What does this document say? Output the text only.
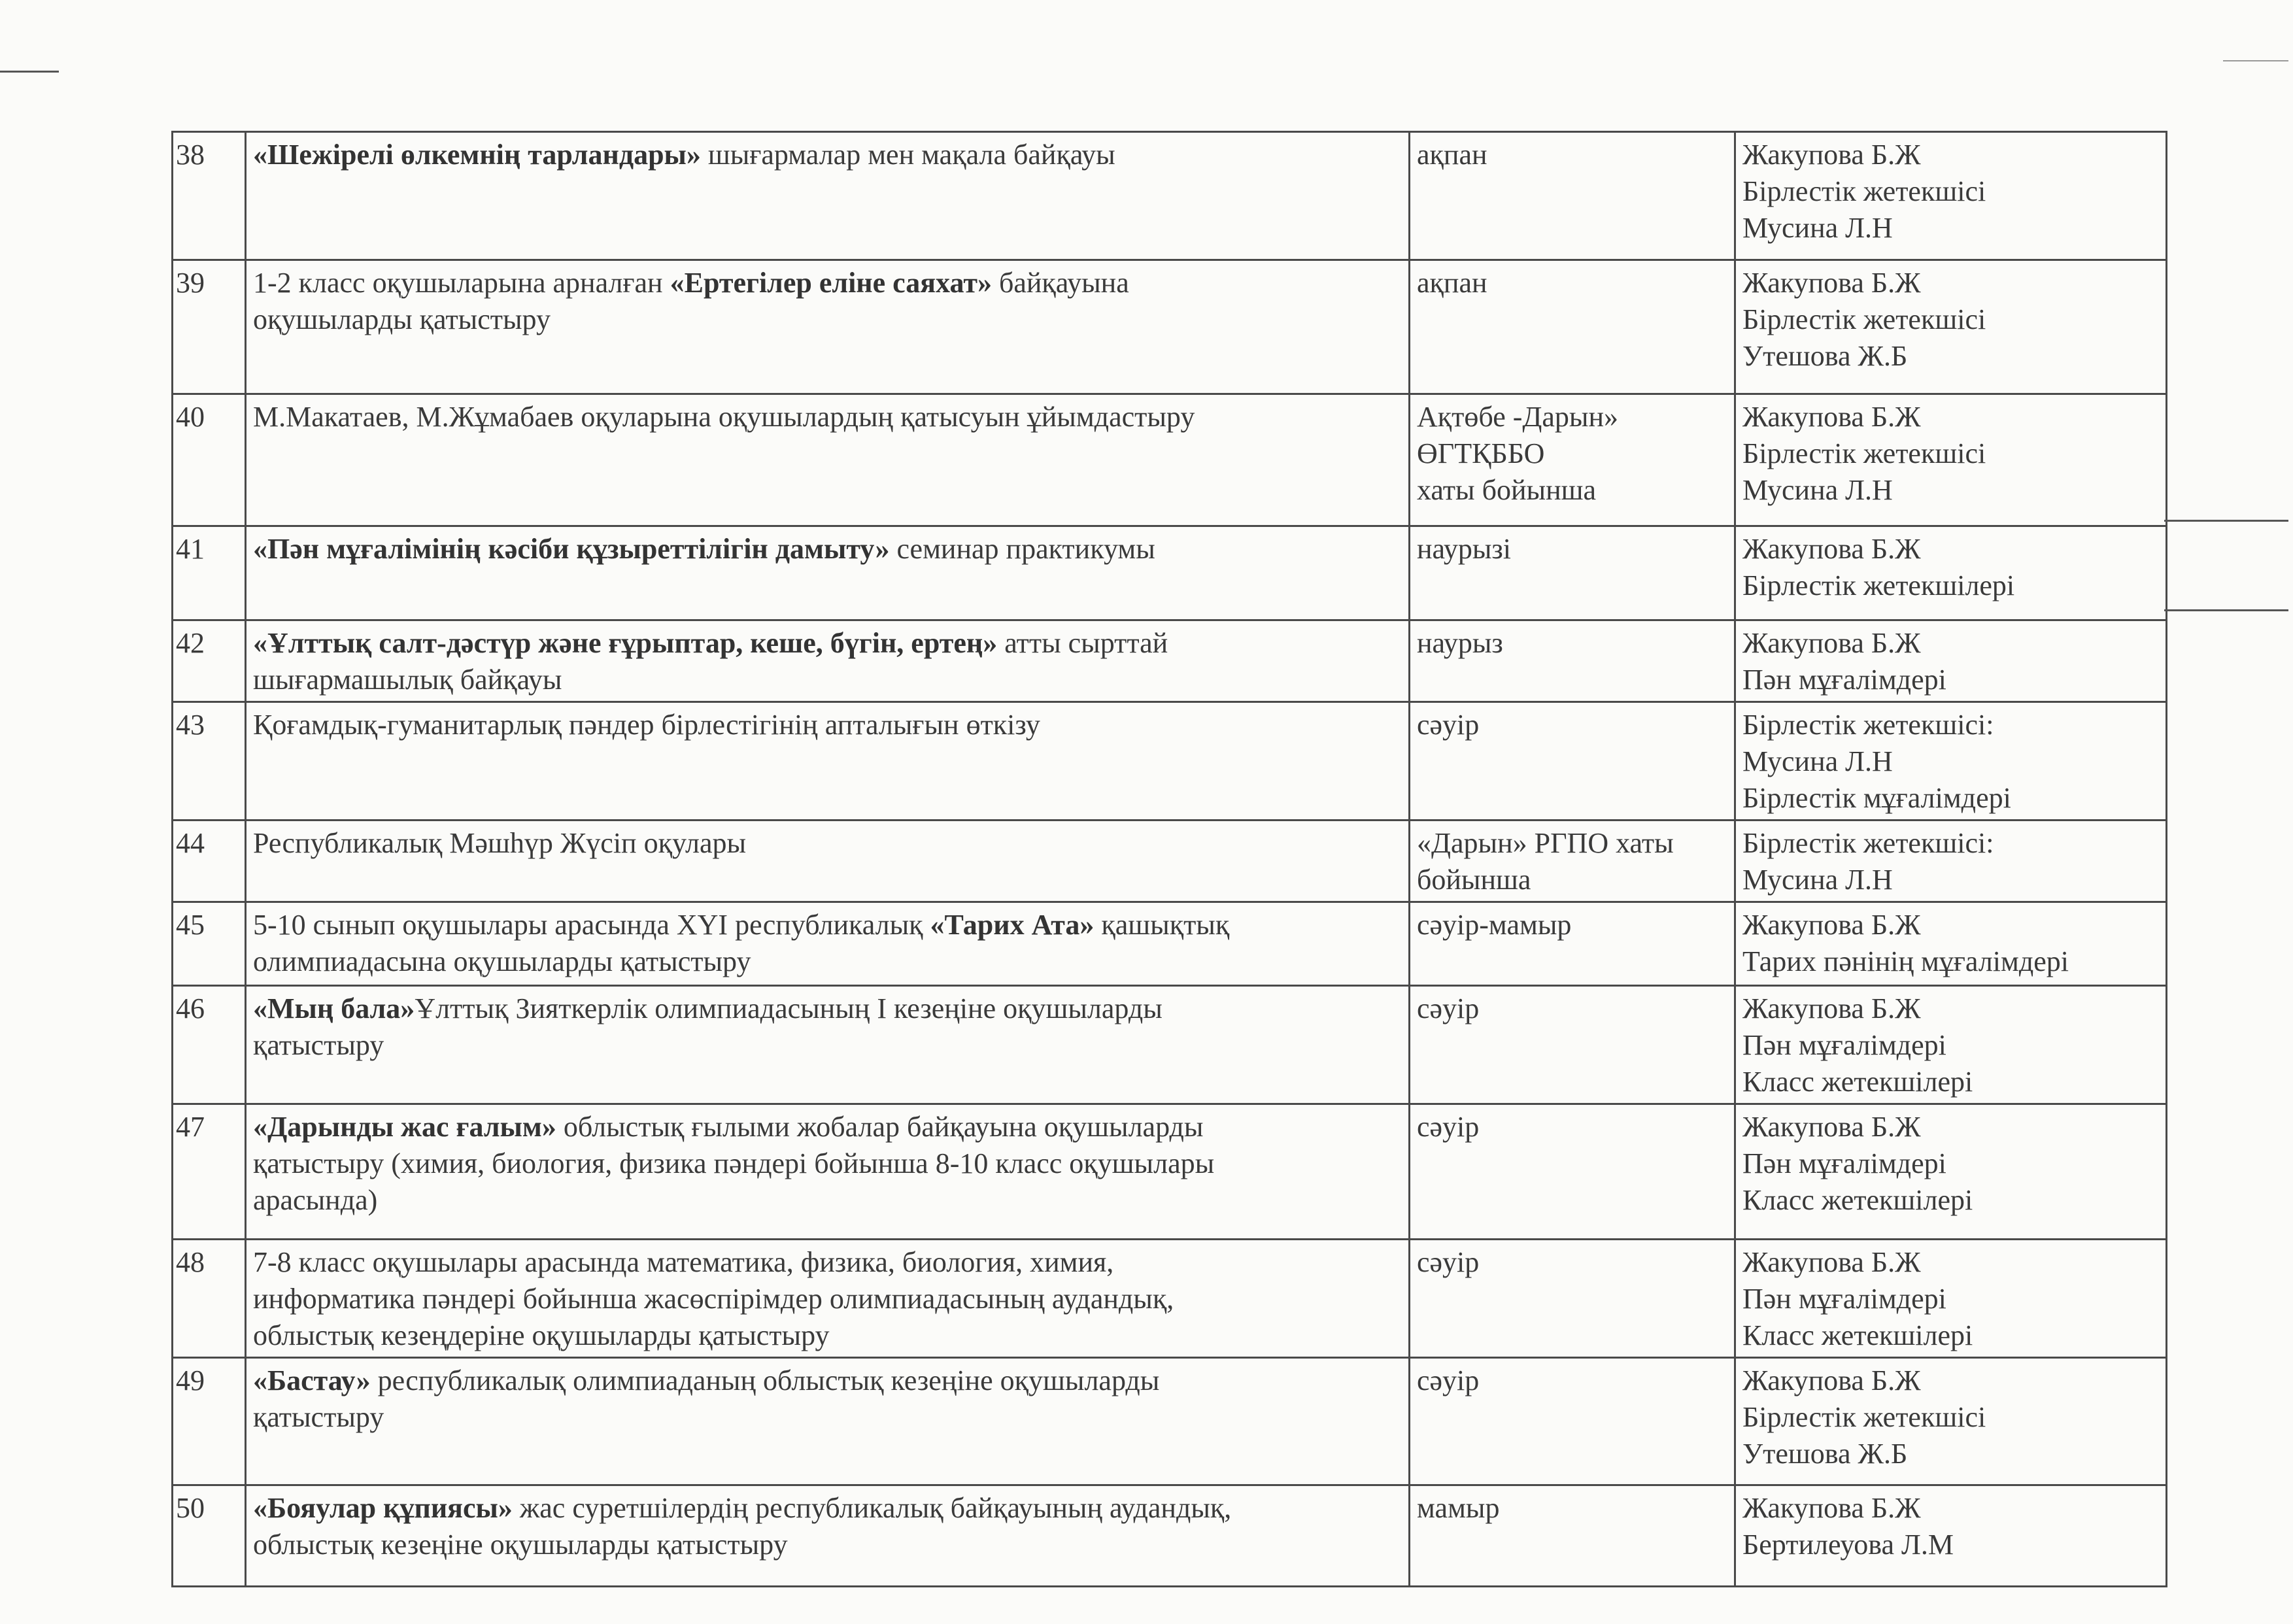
38	«Шежірелі өлкемнің тарландары» шығармалар мен мақала байқауы	ақпан	Жакупова Б.Ж
Бірлестік жетекшісі
Мусина Л.Н

39	1-2 класс оқушыларына арналған «Ертегілер еліне саяхат» байқауына
оқушыларды қатыстыру	ақпан	Жакупова Б.Ж
Бірлестік жетекшісі
Утешова Ж.Б

40	М.Макатаев, М.Жұмабаев оқуларына оқушылардың қатысуын ұйымдастыру	Ақтөбе -Дарын»
ӨГТҚББО
хаты бойынша	Жакупова Б.Ж
Бірлестік жетекшісі
Мусина Л.Н

41	«Пән мұғалімінің кәсіби құзыреттілігін дамыту» семинар практикумы	наурызі	Жакупова Б.Ж
Бірлестік жетекшілері

42	«Ұлттық салт-дәстүр және ғұрыптар, кеше, бүгін, ертең» атты сырттай
шығармашылық байқауы	наурыз	Жакупова Б.Ж
Пән мұғалімдері

43	Қоғамдық-гуманитарлық пәндер бірлестігінің апталығын өткізу	сәуір	Бірлестік жетекшісі:
Мусина Л.Н
Бірлестік мұғалімдері

44	Республикалық Мәшһүр Жүсіп оқулары	«Дарын» РГПО хаты
бойынша	Бірлестік жетекшісі:
Мусина Л.Н

45	5-10 сынып оқушылары арасында XYI республикалық «Тарих Ата» қашықтық
олимпиадасына оқушыларды қатыстыру	сәуір-мамыр	Жакупова Б.Ж
Тарих пәнінің мұғалімдері

46	«Мың бала»Ұлттық Зияткерлік олимпиадасының І кезеңіне оқушыларды
қатыстыру	сәуір	Жакупова Б.Ж
Пән мұғалімдері
Класс жетекшілері

47	«Дарынды жас ғалым» облыстық ғылыми жобалар байқауына оқушыларды
қатыстыру (химия, биология, физика пәндері бойынша 8-10 класс оқушылары
арасында)	сәуір	Жакупова Б.Ж
Пән мұғалімдері
Класс жетекшілері

48	7-8 класс оқушылары арасында математика, физика, биология, химия,
информатика пәндері бойынша жасөспірімдер олимпиадасының аудандық,
облыстық кезеңдеріне оқушыларды қатыстыру	сәуір	Жакупова Б.Ж
Пән мұғалімдері
Класс жетекшілері

49	«Бастау» республикалық олимпиаданың облыстық кезеңіне оқушыларды
қатыстыру	сәуір	Жакупова Б.Ж
Бірлестік жетекшісі
Утешова Ж.Б

50	«Бояулар құпиясы» жас суретшілердің республикалық байқауының аудандық,
облыстық кезеңіне оқушыларды қатыстыру	мамыр	Жакупова Б.Ж
Бертилеуова Л.М
